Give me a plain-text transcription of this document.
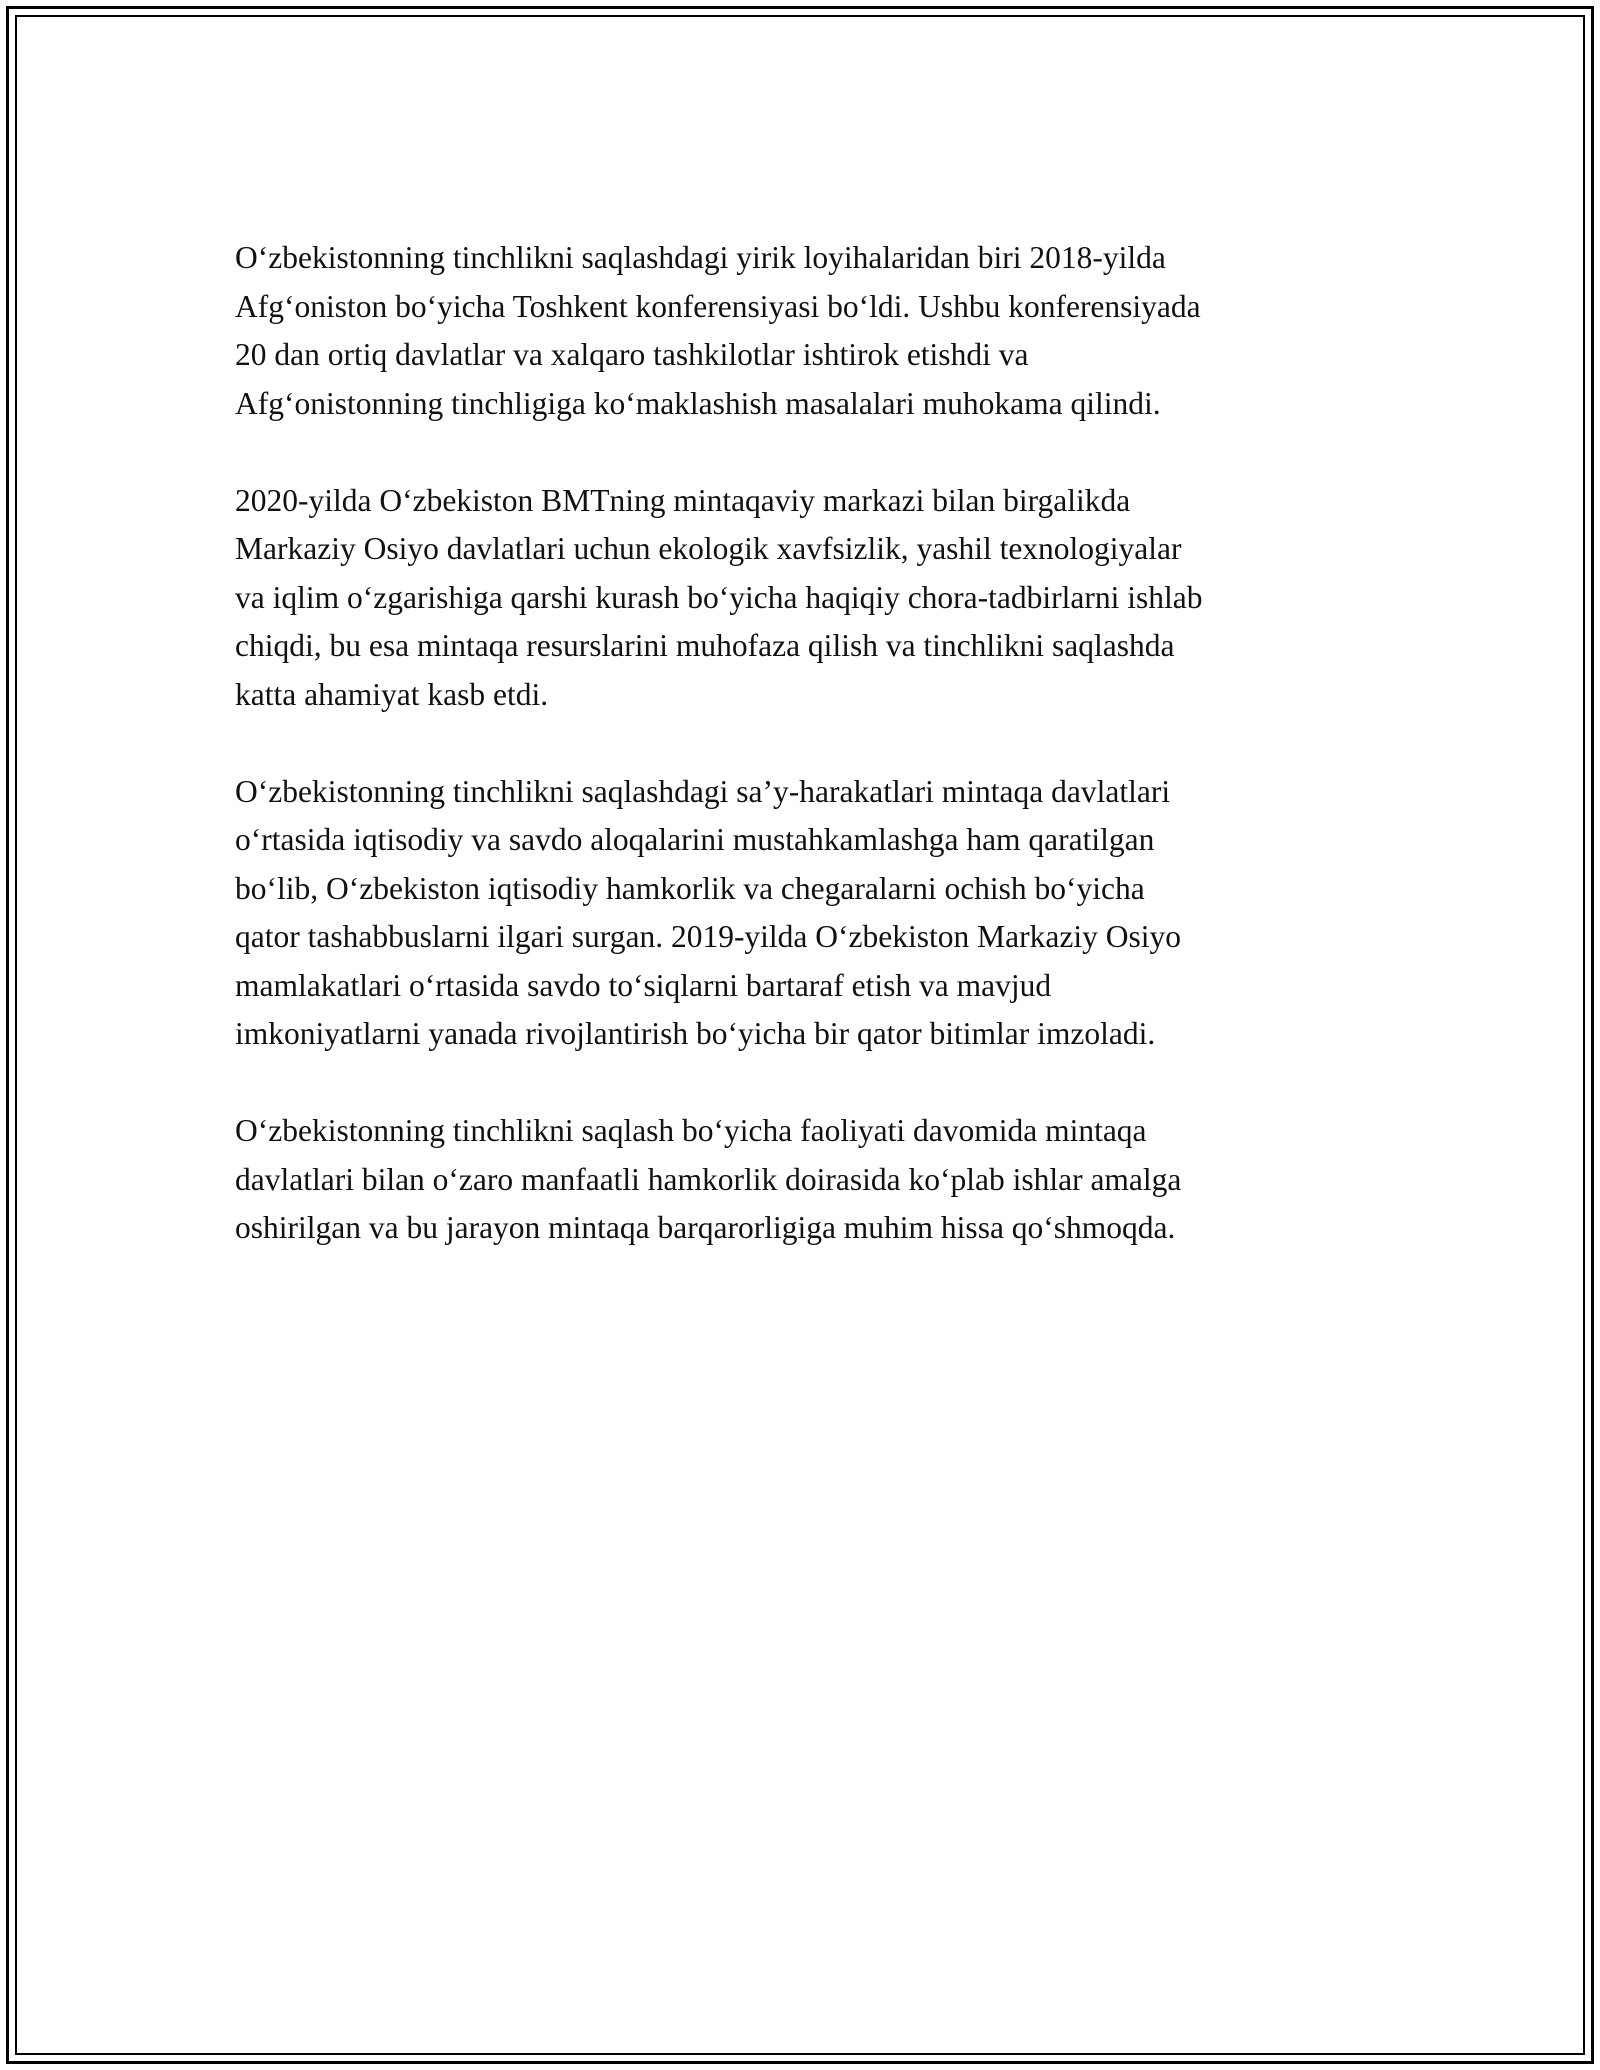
O‘zbekistonning tinchlikni saqlashdagi yirik loyihalaridan biri 2018-yilda
Afg‘oniston bo‘yicha Toshkent konferensiyasi bo‘ldi. Ushbu konferensiyada
20 dan ortiq davlatlar va xalqaro tashkilotlar ishtirok etishdi va
Afg‘onistonning tinchligiga ko‘maklashish masalalari muhokama qilindi.

2020-yilda O‘zbekiston BMTning mintaqaviy markazi bilan birgalikda
Markaziy Osiyo davlatlari uchun ekologik xavfsizlik, yashil texnologiyalar
va iqlim o‘zgarishiga qarshi kurash bo‘yicha haqiqiy chora-tadbirlarni ishlab
chiqdi, bu esa mintaqa resurslarini muhofaza qilish va tinchlikni saqlashda
katta ahamiyat kasb etdi.

O‘zbekistonning tinchlikni saqlashdagi sa’y-harakatlari mintaqa davlatlari
o‘rtasida iqtisodiy va savdo aloqalarini mustahkamlashga ham qaratilgan
bo‘lib, O‘zbekiston iqtisodiy hamkorlik va chegaralarni ochish bo‘yicha
qator tashabbuslarni ilgari surgan. 2019-yilda O‘zbekiston Markaziy Osiyo
mamlakatlari o‘rtasida savdo to‘siqlarni bartaraf etish va mavjud
imkoniyatlarni yanada rivojlantirish bo‘yicha bir qator bitimlar imzoladi.

O‘zbekistonning tinchlikni saqlash bo‘yicha faoliyati davomida mintaqa
davlatlari bilan o‘zaro manfaatli hamkorlik doirasida ko‘plab ishlar amalga
oshirilgan va bu jarayon mintaqa barqarorligiga muhim hissa qo‘shmoqda.
